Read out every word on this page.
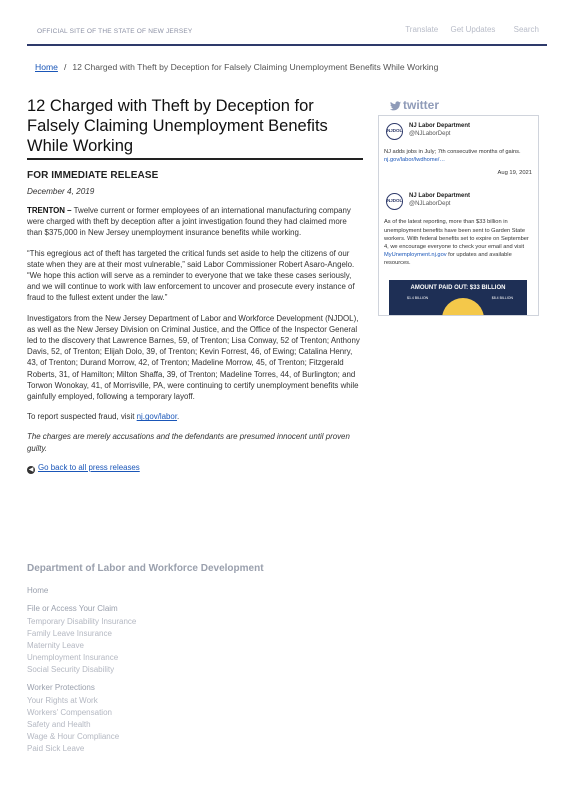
OFFICIAL SITE OF THE STATE OF NEW JERSEY	Translate Get Updates Search
Home / 12 Charged with Theft by Deception for Falsely Claiming Unemployment Benefits While Working
12 Charged with Theft by Deception for Falsely Claiming Unemployment Benefits While Working
FOR IMMEDIATE RELEASE
December 4, 2019

TRENTON – Twelve current or former employees of an international manufacturing company were charged with theft by deception after a joint investigation found they had claimed more than $375,000 in New Jersey unemployment insurance benefits while working.

“This egregious act of theft has targeted the critical funds set aside to help the citizens of our state when they are at their most vulnerable,” said Labor Commissioner Robert Asaro-Angelo. “We hope this action will serve as a reminder to everyone that we take these cases seriously, and we will continue to work with law enforcement to uncover and prosecute every instance of fraud to the fullest extent under the law.”

Investigators from the New Jersey Department of Labor and Workforce Development (NJDOL), as well as the New Jersey Division on Criminal Justice, and the Office of the Inspector General led to the discovery that Lawrence Barnes, 59, of Trenton; Lisa Conway, 52 of Trenton; Anthony Davis, 52, of Trenton; Elijah Dolo, 39, of Trenton; Kevin Forrest, 46, of Ewing; Catalina Henry, 43, of Trenton; Durand Morrow, 42, of Trenton; Madeline Morrow, 45, of Trenton; Fitzgerald Roberts, 31, of Hamilton; Milton Shaffa, 39, of Trenton; Madeline Torres, 44, of Burlington; and Torwon Wonokay, 41, of Morrisville, PA, were continuing to certify unemployment benefits while gainfully employed, following a temporary layoff.

To report suspected fraud, visit nj.gov/labor.

The charges are merely accusations and the defendants are presumed innocent until proven guilty.

◀ Go back to all press releases
twitter
NJDOL
NJ Labor Department
@NJLaborDept
NJ adds jobs in July; 7th consecutive months of gains. nj.gov/labor/lwdhome/…
Aug 19, 2021
NJDOL
NJ Labor Department
@NJLaborDept
As of the latest reporting, more than $33 billion in unemployment benefits have been sent to Garden State workers. With federal benefits set to expire on September 4, we encourage everyone to check your email and visit MyUnemployment.nj.gov for updates and available resources.
AMOUNT PAID OUT: $33 BILLION
$1.4 BILLION	$8.4 BILLION
Department of Labor and Workforce Development
Home
File or Access Your Claim
Temporary Disability Insurance
Family Leave Insurance
Maternity Leave
Unemployment Insurance
Social Security Disability
Worker Protections
Your Rights at Work
Workers' Compensation
Safety and Health
Wage & Hour Compliance
Paid Sick Leave
